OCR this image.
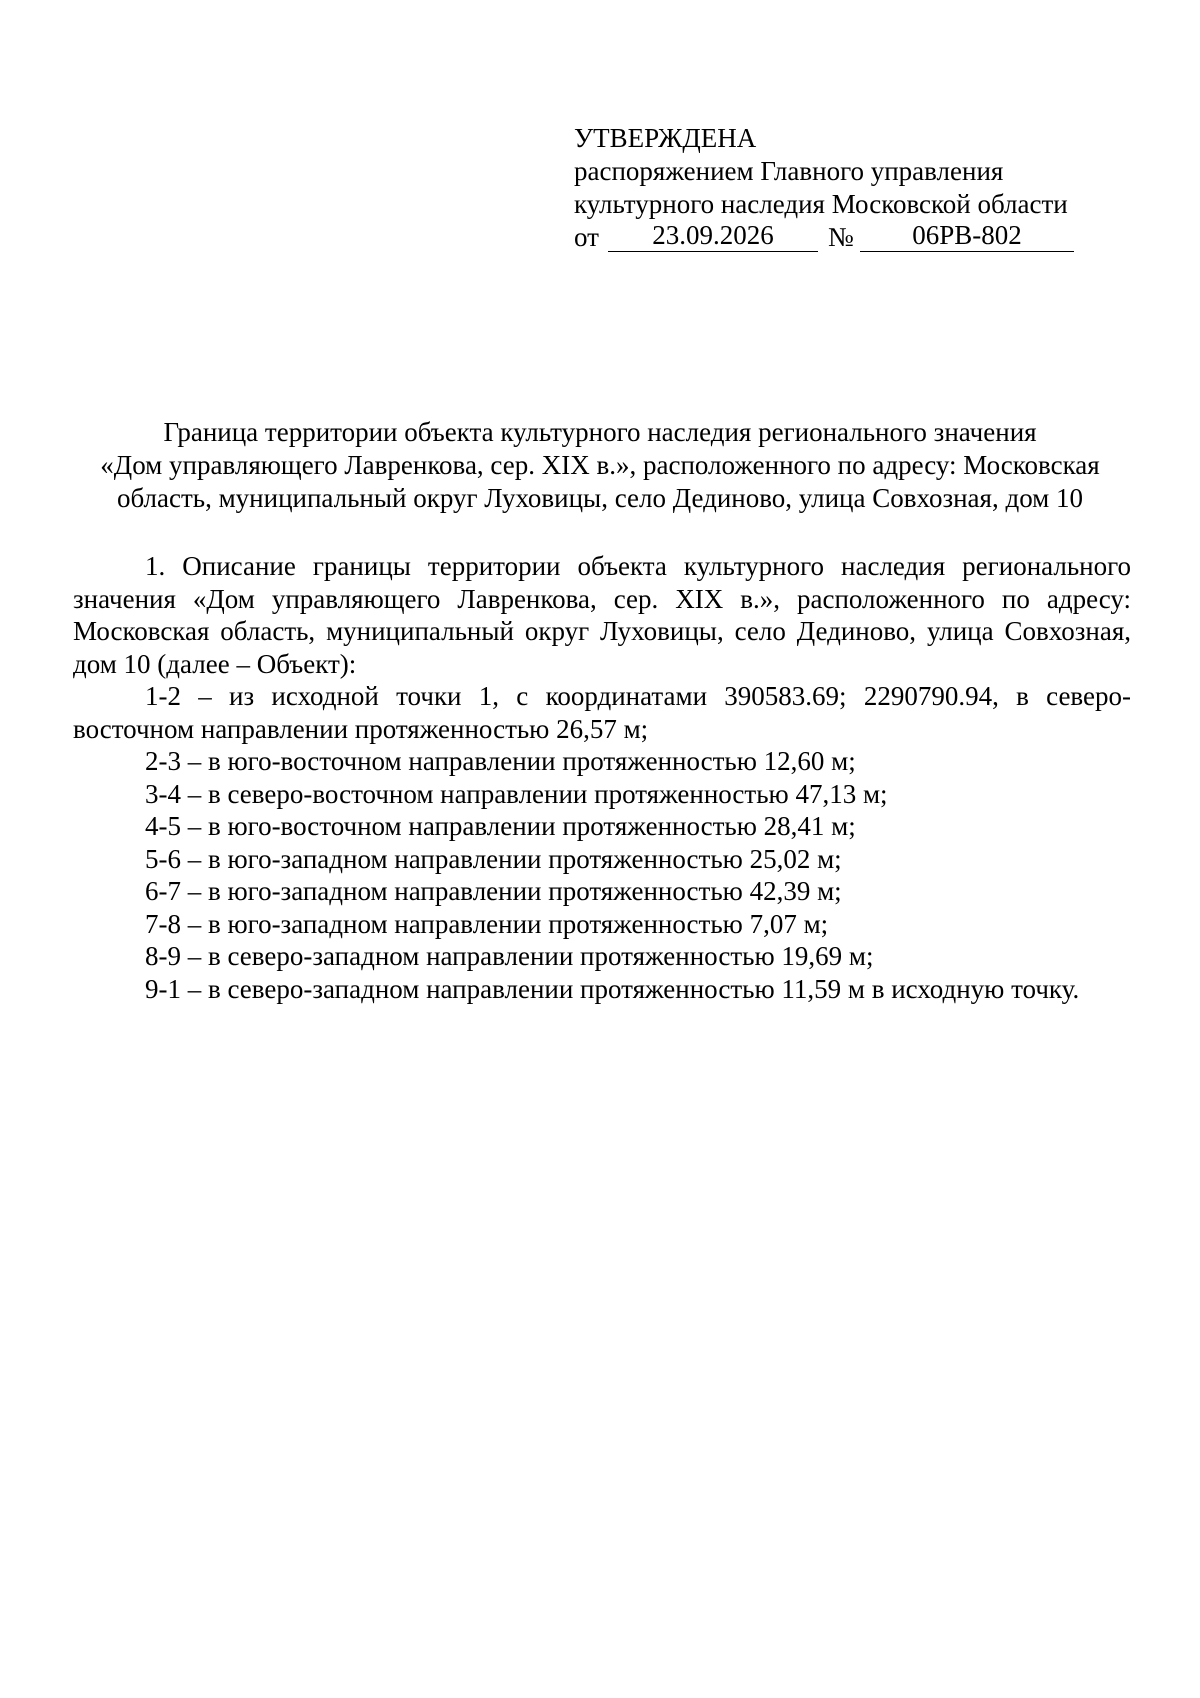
УТВЕРЖДЕНА
распоряжением Главного управления
культурного наследия Московской области
от	23.09.2026	№	06РВ-802
Граница территории объекта культурного наследия регионального значения
«Дом управляющего Лавренкова, сер. XIX в.», расположенного по адресу: Московская
область, муниципальный округ Луховицы, село Дединово, улица Совхозная, дом 10

1. Описание границы территории объекта культурного наследия регионального значения «Дом управляющего Лавренкова, сер. XIX в.», расположенного по адресу: Московская область, муниципальный округ Луховицы, село Дединово, улица Совхозная, дом 10 (далее – Объект):

1-2 – из исходной точки 1, с координатами 390583.69; 2290790.94, в северо-восточном направлении протяженностью 26,57 м;

2-3 – в юго-восточном направлении протяженностью 12,60 м;

3-4 – в северо-восточном направлении протяженностью 47,13 м;

4-5 – в юго-восточном направлении протяженностью 28,41 м;

5-6 – в юго-западном направлении протяженностью 25,02 м;

6-7 – в юго-западном направлении протяженностью 42,39 м;

7-8 – в юго-западном направлении протяженностью 7,07 м;

8-9 – в северо-западном направлении протяженностью 19,69 м;

9-1 – в северо-западном направлении протяженностью 11,59 м в исходную точку.
